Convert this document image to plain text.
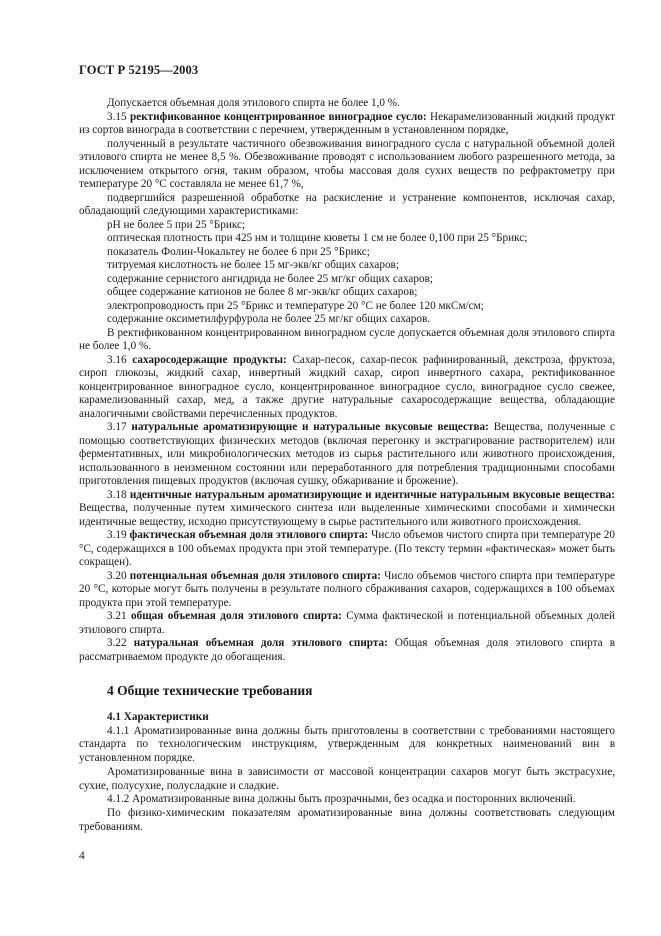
ГОСТ Р 52195—2003

Допускается объемная доля этилового спирта не более 1,0 %.

3.15 ректификованное концентрированное виноградное сусло: Некарамелизованный жидкий продукт из сортов винограда в соответствии с перечнем, утвержденным в установленном порядке,

полученный в результате частичного обезвоживания виноградного сусла с натуральной объемной долей этилового спирта не менее 8,5 %. Обезвоживание проводят с использованием любого разрешенного метода, за исключением открытого огня, таким образом, чтобы массовая доля сухих веществ по рефрактометру при температуре 20 °С составляла не менее 61,7 %,

подвергшийся разрешенной обработке на раскисление и устранение компонентов, исключая сахар, обладающий следующими характеристиками:

pH не более 5 при 25 °Брикс;

оптическая плотность при 425 нм и толщине кюветы 1 см не более 0,100 при 25 °Брикс;

показатель Фолин-Чокальтеу не более 6 при 25 °Брикс;

титруемая кислотность не более 15 мг-экв/кг общих сахаров;

содержание сернистого ангидрида не более 25 мг/кг общих сахаров;

общее содержание катионов не более 8 мг-экв/кг общих сахаров;

электропроводность при 25 °Брикс и температуре 20 °С не более 120 мкСм/см;

содержание оксиметилфурфурола не более 25 мг/кг общих сахаров.

В ректификованном концентрированном виноградном сусле допускается объемная доля этилового спирта не более 1,0 %.

3.16 сахаросодержащие продукты: Сахар-песок, сахар-песок рафинированный, декстроза, фруктоза, сироп глюкозы, жидкий сахар, инвертный жидкий сахар, сироп инвертного сахара, ректификованное концентрированное виноградное сусло, концентрированное виноградное сусло, виноградное сусло свежее, карамелизованный сахар, мед, а также другие натуральные сахаросодержащие вещества, обладающие аналогичными свойствами перечисленных продуктов.

3.17 натуральные ароматизирующие и натуральные вкусовые вещества: Вещества, полученные с помощью соответствующих физических методов (включая перегонку и экстрагирование растворителем) или ферментативных, или микробиологических методов из сырья растительного или животного происхождения, использованного в неизменном состоянии или переработанного для потребления традиционными способами приготовления пищевых продуктов (включая сушку, обжаривание и брожение).

3.18 идентичные натуральным ароматизирующие и идентичные натуральным вкусовые вещества: Вещества, полученные путем химического синтеза или выделенные химическими способами и химически идентичные веществу, исходно присутствующему в сырье растительного или животного происхождения.

3.19 фактическая объемная доля этилового спирта: Число объемов чистого спирта при температуре 20 °С, содержащихся в 100 объемах продукта при этой температуре. (По тексту термин «фактическая» может быть сокращен).

3.20 потенциальная объемная доля этилового спирта: Число объемов чистого спирта при температуре 20 °С, которые могут быть получены в результате полного сбраживания сахаров, содержащихся в 100 объемах продукта при этой температуре.

3.21 общая объемная доля этилового спирта: Сумма фактической и потенциальной объемных долей этилового спирта.

3.22 натуральная объемная доля этилового спирта: Общая объемная доля этилового спирта в рассматриваемом продукте до обогащения.

4 Общие технические требования

4.1 Характеристики

4.1.1 Ароматизированные вина должны быть приготовлены в соответствии с требованиями настоящего стандарта по технологическим инструкциям, утвержденным для конкретных наименований вин в установленном порядке.

Ароматизированные вина в зависимости от массовой концентрации сахаров могут быть экстрасухие, сухие, полусухие, полусладкие и сладкие.

4.1.2 Ароматизированные вина должны быть прозрачными, без осадка и посторонних включений.

По физико-химическим показателям ароматизированные вина должны соответствовать следующим требованиям.

4
